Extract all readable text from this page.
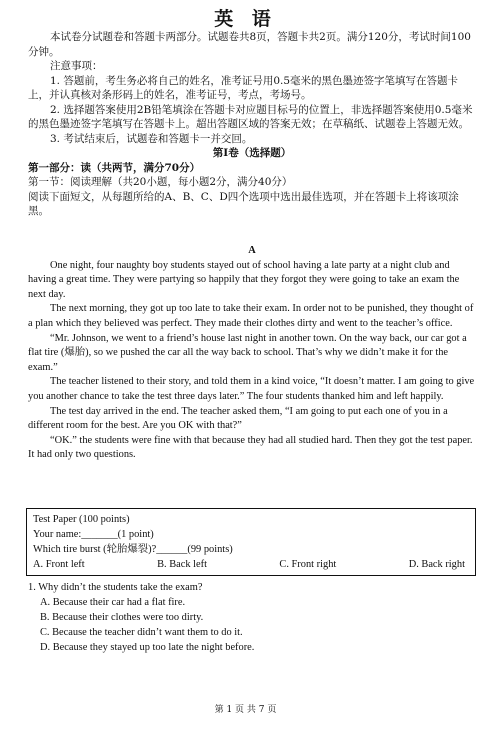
英 语

本试卷分试题卷和答题卡两部分。试题卷共8页，答题卡共2页。满分120分，考试时间100分钟。

注意事项：

1. 答题前，考生务必将自己的姓名，准考证号用0.5毫米的黑色墨迹签字笔填写在答题卡上，并认真核对条形码上的姓名，准考证号，考点，考场号。

2. 选择题答案使用2B铅笔填涂在答题卡对应题目标号的位置上，非选择题答案使用0.5毫米的黑色墨迹签字笔填写在答题卡上。超出答题区域的答案无效；在草稿纸、试题卷上答题无效。

3. 考试结束后，试题卷和答题卡一并交回。

第Ⅰ卷（选择题）

第一部分：读（共两节，满分70分）

第一节：阅读理解（共20小题，每小题2分，满分40分）

阅读下面短文，从每题所给的A、B、C、D四个选项中选出最佳选项，并在答题卡上将该项涂黑。

A

One night, four naughty boy students stayed out of school having a late party at a night club and having a great time. They were partying so happily that they forgot they were going to take an exam the next day.

The next morning, they got up too late to take their exam. In order not to be punished, they thought of a plan which they believed was perfect. They made their clothes dirty and went to the teacher’s office.

“Mr. Johnson, we went to a friend’s house last night in another town. On the way back, our car got a flat tire (爆胎), so we pushed the car all the way back to school. That’s why we didn’t make it for the exam.”

The teacher listened to their story, and told them in a kind voice, “It doesn’t matter. I am going to give you another chance to take the test three days later.” The four students thanked him and left happily.

The test day arrived in the end. The teacher asked them, “I am going to put each one of you in a different room for the best. Are you OK with that?”

“OK.” the students were fine with that because they had all studied hard. Then they got the test paper. It had only two questions.

Test Paper (100 points)
Your name:_______(1 point)
Which tire burst (轮胎爆裂)?______(99 points)
A. Front left	B. Back left	C. Front right	D. Back right
1. Why didn’t the students take the exam?
A. Because their car had a flat fire.
B. Because their clothes were too dirty.
C. Because the teacher didn’t want them to do it.
D. Because they stayed up too late the night before.
第 1 页 共 7 页
